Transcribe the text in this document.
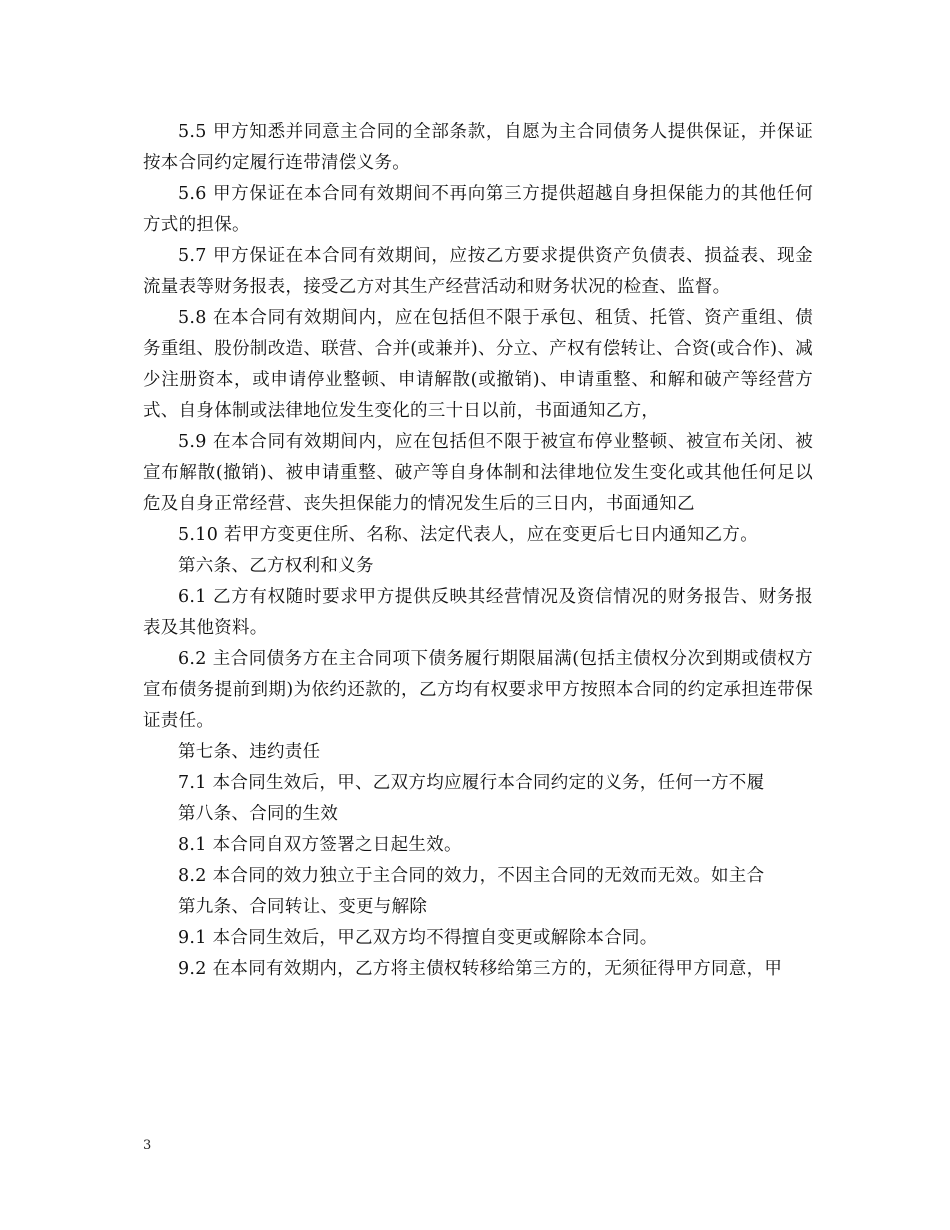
5.5 甲方知悉并同意主合同的全部条款，自愿为主合同债务人提供保证，并保证按本合同约定履行连带清偿义务。

5.6 甲方保证在本合同有效期间不再向第三方提供超越自身担保能力的其他任何方式的担保。

5.7 甲方保证在本合同有效期间，应按乙方要求提供资产负债表、损益表、现金流量表等财务报表，接受乙方对其生产经营活动和财务状况的检查、监督。

5.8 在本合同有效期间内，应在包括但不限于承包、租赁、托管、资产重组、债务重组、股份制改造、联营、合并(或兼并)、分立、产权有偿转让、合资(或合作)、减少注册资本，或申请停业整顿、申请解散(或撤销)、申请重整、和解和破产等经营方式、自身体制或法律地位发生变化的三十日以前，书面通知乙方，

5.9 在本合同有效期间内，应在包括但不限于被宣布停业整顿、被宣布关闭、被宣布解散(撤销)、被申请重整、破产等自身体制和法律地位发生变化或其他任何足以危及自身正常经营、丧失担保能力的情况发生后的三日内，书面通知乙

5.10 若甲方变更住所、名称、法定代表人，应在变更后七日内通知乙方。

第六条、乙方权利和义务

6.1 乙方有权随时要求甲方提供反映其经营情况及资信情况的财务报告、财务报表及其他资料。

6.2 主合同债务方在主合同项下债务履行期限届满(包括主债权分次到期或债权方宣布债务提前到期)为依约还款的，乙方均有权要求甲方按照本合同的约定承担连带保证责任。

第七条、违约责任

7.1 本合同生效后，甲、乙双方均应履行本合同约定的义务，任何一方不履

第八条、合同的生效

8.1 本合同自双方签署之日起生效。

8.2 本合同的效力独立于主合同的效力，不因主合同的无效而无效。如主合

第九条、合同转让、变更与解除

9.1 本合同生效后，甲乙双方均不得擅自变更或解除本合同。

9.2 在本同有效期内，乙方将主债权转移给第三方的，无须征得甲方同意，甲

3
